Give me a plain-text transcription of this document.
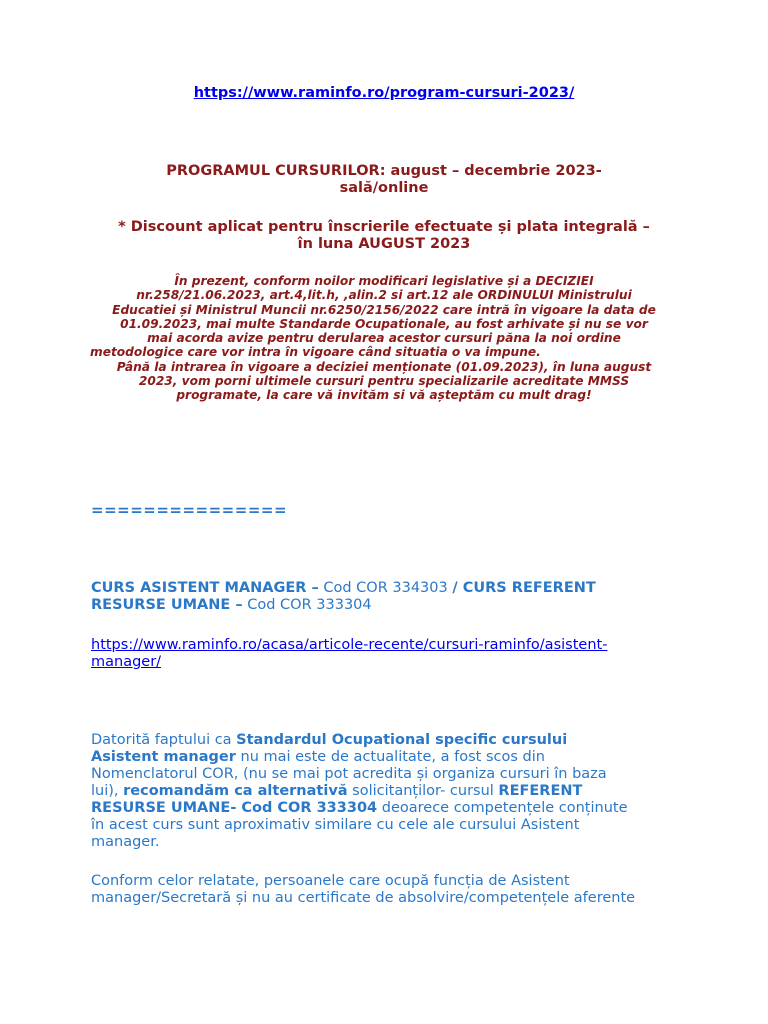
https://www.raminfo.ro/program-cursuri-2023/
PROGRAMUL CURSURILOR: august – decembrie 2023-
sală/online
* Discount aplicat pentru înscrierile efectuate și plata integrală –
în luna AUGUST 2023
În prezent, conform noilor modificari legislative și a DECIZIEI
nr.258/21.06.2023, art.4,lit.h, ,alin.2 si art.12 ale ORDINULUI Ministrului
Educatiei și Ministrul Muncii nr.6250/2156/2022 care intră în vigoare la data de
01.09.2023, mai multe Standarde Ocupationale, au fost arhivate și nu se vor
mai acorda avize pentru derularea acestor cursuri păna la noi ordine
metodologice care vor intra în vigoare când situatia o va impune.
Până la intrarea în vigoare a deciziei menționate (01.09.2023), în luna august
2023, vom porni ultimele cursuri pentru specializarile acreditate MMSS
programate, la care vă invităm si vă așteptăm cu mult drag!
===============
CURS ASISTENT MANAGER – Cod COR 334303 / CURS REFERENT
RESURSE UMANE – Cod COR 333304
https://www.raminfo.ro/acasa/articole-recente/cursuri-raminfo/asistent-
manager/
Datorită faptului ca Standardul Ocupational specific cursului
Asistent manager nu mai este de actualitate, a fost scos din
Nomenclatorul COR, (nu se mai pot acredita și organiza cursuri în baza
lui), recomandăm ca alternativă solicitanților- cursul REFERENT
RESURSE UMANE- Cod COR 333304 deoarece competențele conținute
în acest curs sunt aproximativ similare cu cele ale cursului Asistent
manager.
Conform celor relatate, persoanele care ocupă funcția de Asistent
manager/Secretară și nu au certificate de absolvire/competențele aferente
